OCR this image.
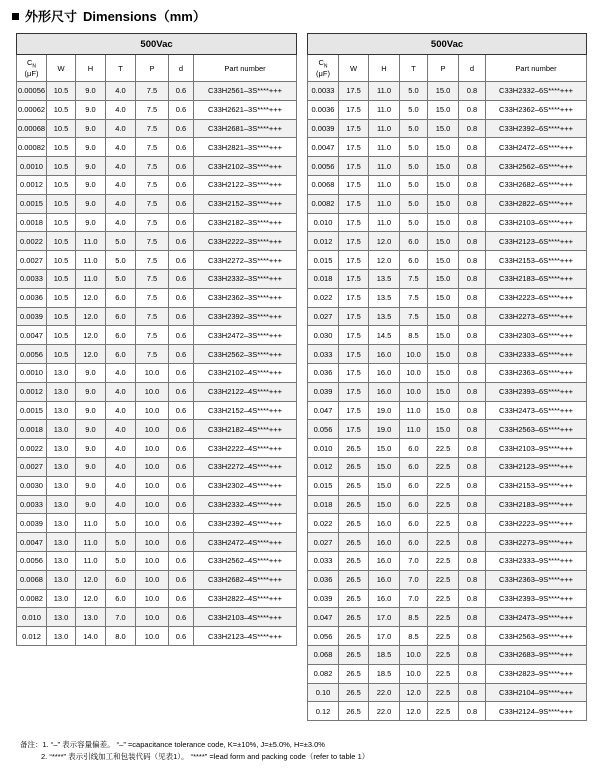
外形尺寸 Dimensions（mm）
500Vac						
$C_N$
(μF)	W	H	T	P	d	Part number
0.00056	10.5	9.0	4.0	7.5	0.6	C33H2561–3S****+++
0.00062	10.5	9.0	4.0	7.5	0.6	C33H2621–3S****+++
0.00068	10.5	9.0	4.0	7.5	0.6	C33H2681–3S****+++
0.00082	10.5	9.0	4.0	7.5	0.6	C33H2821–3S****+++
0.0010	10.5	9.0	4.0	7.5	0.6	C33H2102–3S****+++
0.0012	10.5	9.0	4.0	7.5	0.6	C33H2122–3S****+++
0.0015	10.5	9.0	4.0	7.5	0.6	C33H2152–3S****+++
0.0018	10.5	9.0	4.0	7.5	0.6	C33H2182–3S****+++
0.0022	10.5	11.0	5.0	7.5	0.6	C33H2222–3S****+++
0.0027	10.5	11.0	5.0	7.5	0.6	C33H2272–3S****+++
0.0033	10.5	11.0	5.0	7.5	0.6	C33H2332–3S****+++
0.0036	10.5	12.0	6.0	7.5	0.6	C33H2362–3S****+++
0.0039	10.5	12.0	6.0	7.5	0.6	C33H2392–3S****+++
0.0047	10.5	12.0	6.0	7.5	0.6	C33H2472–3S****+++
0.0056	10.5	12.0	6.0	7.5	0.6	C33H2562–3S****+++
0.0010	13.0	9.0	4.0	10.0	0.6	C33H2102–4S****+++
0.0012	13.0	9.0	4.0	10.0	0.6	C33H2122–4S****+++
0.0015	13.0	9.0	4.0	10.0	0.6	C33H2152–4S****+++
0.0018	13.0	9.0	4.0	10.0	0.6	C33H2182–4S****+++
0.0022	13.0	9.0	4.0	10.0	0.6	C33H2222–4S****+++
0.0027	13.0	9.0	4.0	10.0	0.6	C33H2272–4S****+++
0.0030	13.0	9.0	4.0	10.0	0.6	C33H2302–4S****+++
0.0033	13.0	9.0	4.0	10.0	0.6	C33H2332–4S****+++
0.0039	13.0	11.0	5.0	10.0	0.6	C33H2392–4S****+++
0.0047	13.0	11.0	5.0	10.0	0.6	C33H2472–4S****+++
0.0056	13.0	11.0	5.0	10.0	0.6	C33H2562–4S****+++
0.0068	13.0	12.0	6.0	10.0	0.6	C33H2682–4S****+++
0.0082	13.0	12.0	6.0	10.0	0.6	C33H2822–4S****+++
0.010	13.0	13.0	7.0	10.0	0.6	C33H2103–4S****+++
0.012	13.0	14.0	8.0	10.0	0.6	C33H2123–4S****+++
500Vac						
$C_N$
(μF)	W	H	T	P	d	Part number
0.0033	17.5	11.0	5.0	15.0	0.8	C33H2332–6S****+++
0.0036	17.5	11.0	5.0	15.0	0.8	C33H2362–6S****+++
0.0039	17.5	11.0	5.0	15.0	0.8	C33H2392–6S****+++
0.0047	17.5	11.0	5.0	15.0	0.8	C33H2472–6S****+++
0.0056	17.5	11.0	5.0	15.0	0.8	C33H2562–6S****+++
0.0068	17.5	11.0	5.0	15.0	0.8	C33H2682–6S****+++
0.0082	17.5	11.0	5.0	15.0	0.8	C33H2822–6S****+++
0.010	17.5	11.0	5.0	15.0	0.8	C33H2103–6S****+++
0.012	17.5	12.0	6.0	15.0	0.8	C33H2123–6S****+++
0.015	17.5	12.0	6.0	15.0	0.8	C33H2153–6S****+++
0.018	17.5	13.5	7.5	15.0	0.8	C33H2183–6S****+++
0.022	17.5	13.5	7.5	15.0	0.8	C33H2223–6S****+++
0.027	17.5	13.5	7.5	15.0	0.8	C33H2273–6S****+++
0.030	17.5	14.5	8.5	15.0	0.8	C33H2303–6S****+++
0.033	17.5	16.0	10.0	15.0	0.8	C33H2333–6S****+++
0.036	17.5	16.0	10.0	15.0	0.8	C33H2363–6S****+++
0.039	17.5	16.0	10.0	15.0	0.8	C33H2393–6S****+++
0.047	17.5	19.0	11.0	15.0	0.8	C33H2473–6S****+++
0.056	17.5	19.0	11.0	15.0	0.8	C33H2563–6S****+++
0.010	26.5	15.0	6.0	22.5	0.8	C33H2103–9S****+++
0.012	26.5	15.0	6.0	22.5	0.8	C33H2123–9S****+++
0.015	26.5	15.0	6.0	22.5	0.8	C33H2153–9S****+++
0.018	26.5	15.0	6.0	22.5	0.8	C33H2183–9S****+++
0.022	26.5	16.0	6.0	22.5	0.8	C33H2223–9S****+++
0.027	26.5	16.0	6.0	22.5	0.8	C33H2273–9S****+++
0.033	26.5	16.0	7.0	22.5	0.8	C33H2333–9S****+++
0.036	26.5	16.0	7.0	22.5	0.8	C33H2363–9S****+++
0.039	26.5	16.0	7.0	22.5	0.8	C33H2393–9S****+++
0.047	26.5	17.0	8.5	22.5	0.8	C33H2473–9S****+++
0.056	26.5	17.0	8.5	22.5	0.8	C33H2563–9S****+++
0.068	26.5	18.5	10.0	22.5	0.8	C33H2683–9S****+++
0.082	26.5	18.5	10.0	22.5	0.8	C33H2823–9S****+++
0.10	26.5	22.0	12.0	22.5	0.8	C33H2104–9S****+++
0.12	26.5	22.0	12.0	22.5	0.8	C33H2124–9S****+++
备注：1. “–” 表示容量偏差。 “–” =capacitance tolerance code, K=±10%, J=±5.0%, H=±3.0%
2. “****” 表示引线加工和包装代码（见表1）。 “****” =lead form and packing code（refer to table 1）
